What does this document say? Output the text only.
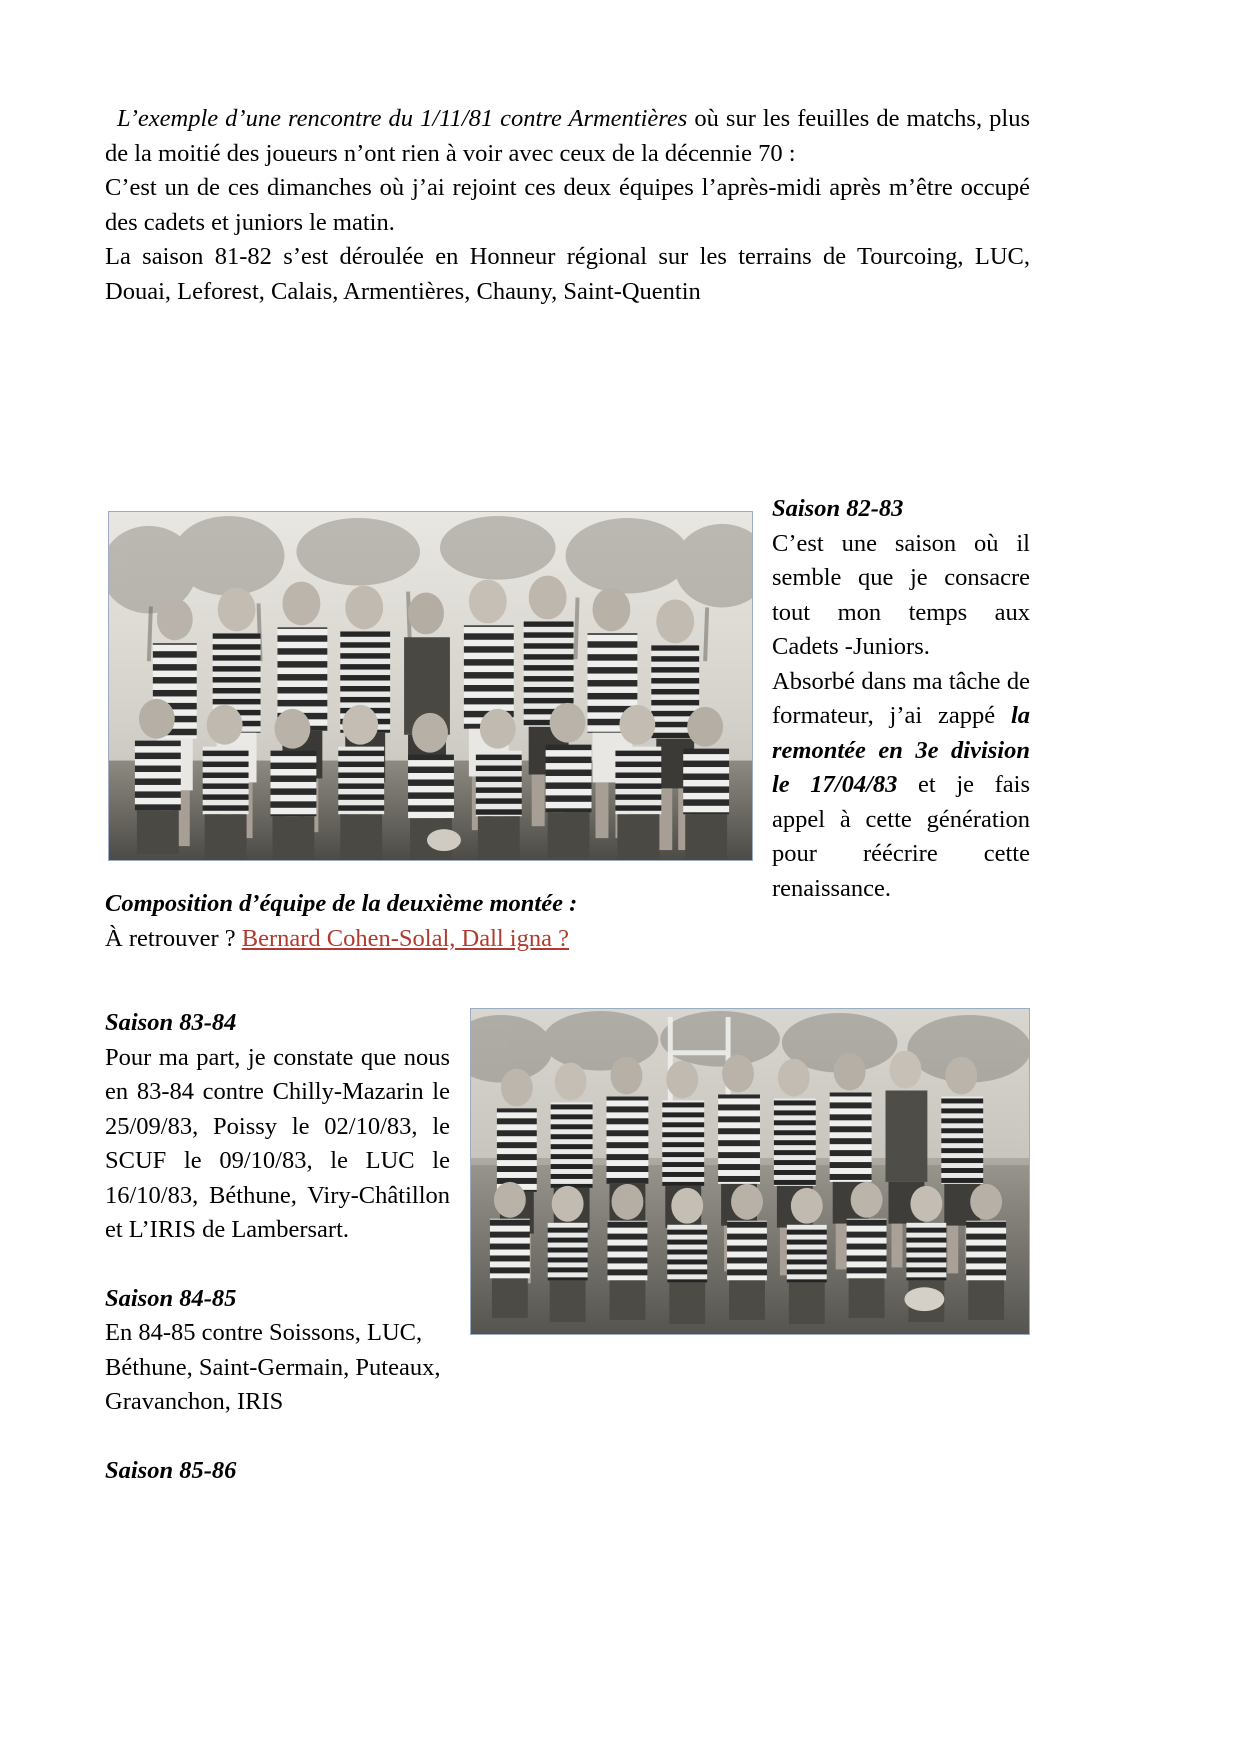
L’exemple d’une rencontre du 1/11/81 contre Armentières où sur les feuilles de matchs, plus de la moitié des joueurs n’ont rien à voir avec ceux de la décennie 70 :

C’est un de ces dimanches où j’ai rejoint ces deux équipes l’après-midi après m’être occupé des cadets et juniors le matin.

La saison 81-82 s’est déroulée en Honneur régional sur les terrains de Tourcoing, LUC, Douai, Leforest, Calais, Armentières, Chauny, Saint-Quentin

Saison 82-83

C’est une saison où il semble que je consacre tout mon temps aux Cadets -Juniors.

Absorbé dans ma tâche de formateur, j’ai zappé la remontée en 3e division le 17/04/83 et je fais appel à cette génération pour réécrire cette renaissance.

Composition d’équipe de la deuxième montée :

À retrouver ? Bernard Cohen-Solal, Dall igna ?

Saison 83-84

Pour ma part, je constate que nous en 83-84 contre Chilly-Mazarin le 25/09/83, Poissy le 02/10/83, le SCUF le 09/10/83, le LUC le 16/10/83, Béthune, Viry-Châtillon et L’IRIS de Lambersart.

Saison 84-85

En 84-85 contre Soissons, LUC, Béthune, Saint-Germain, Puteaux, Gravanchon, IRIS

Saison 85-86
